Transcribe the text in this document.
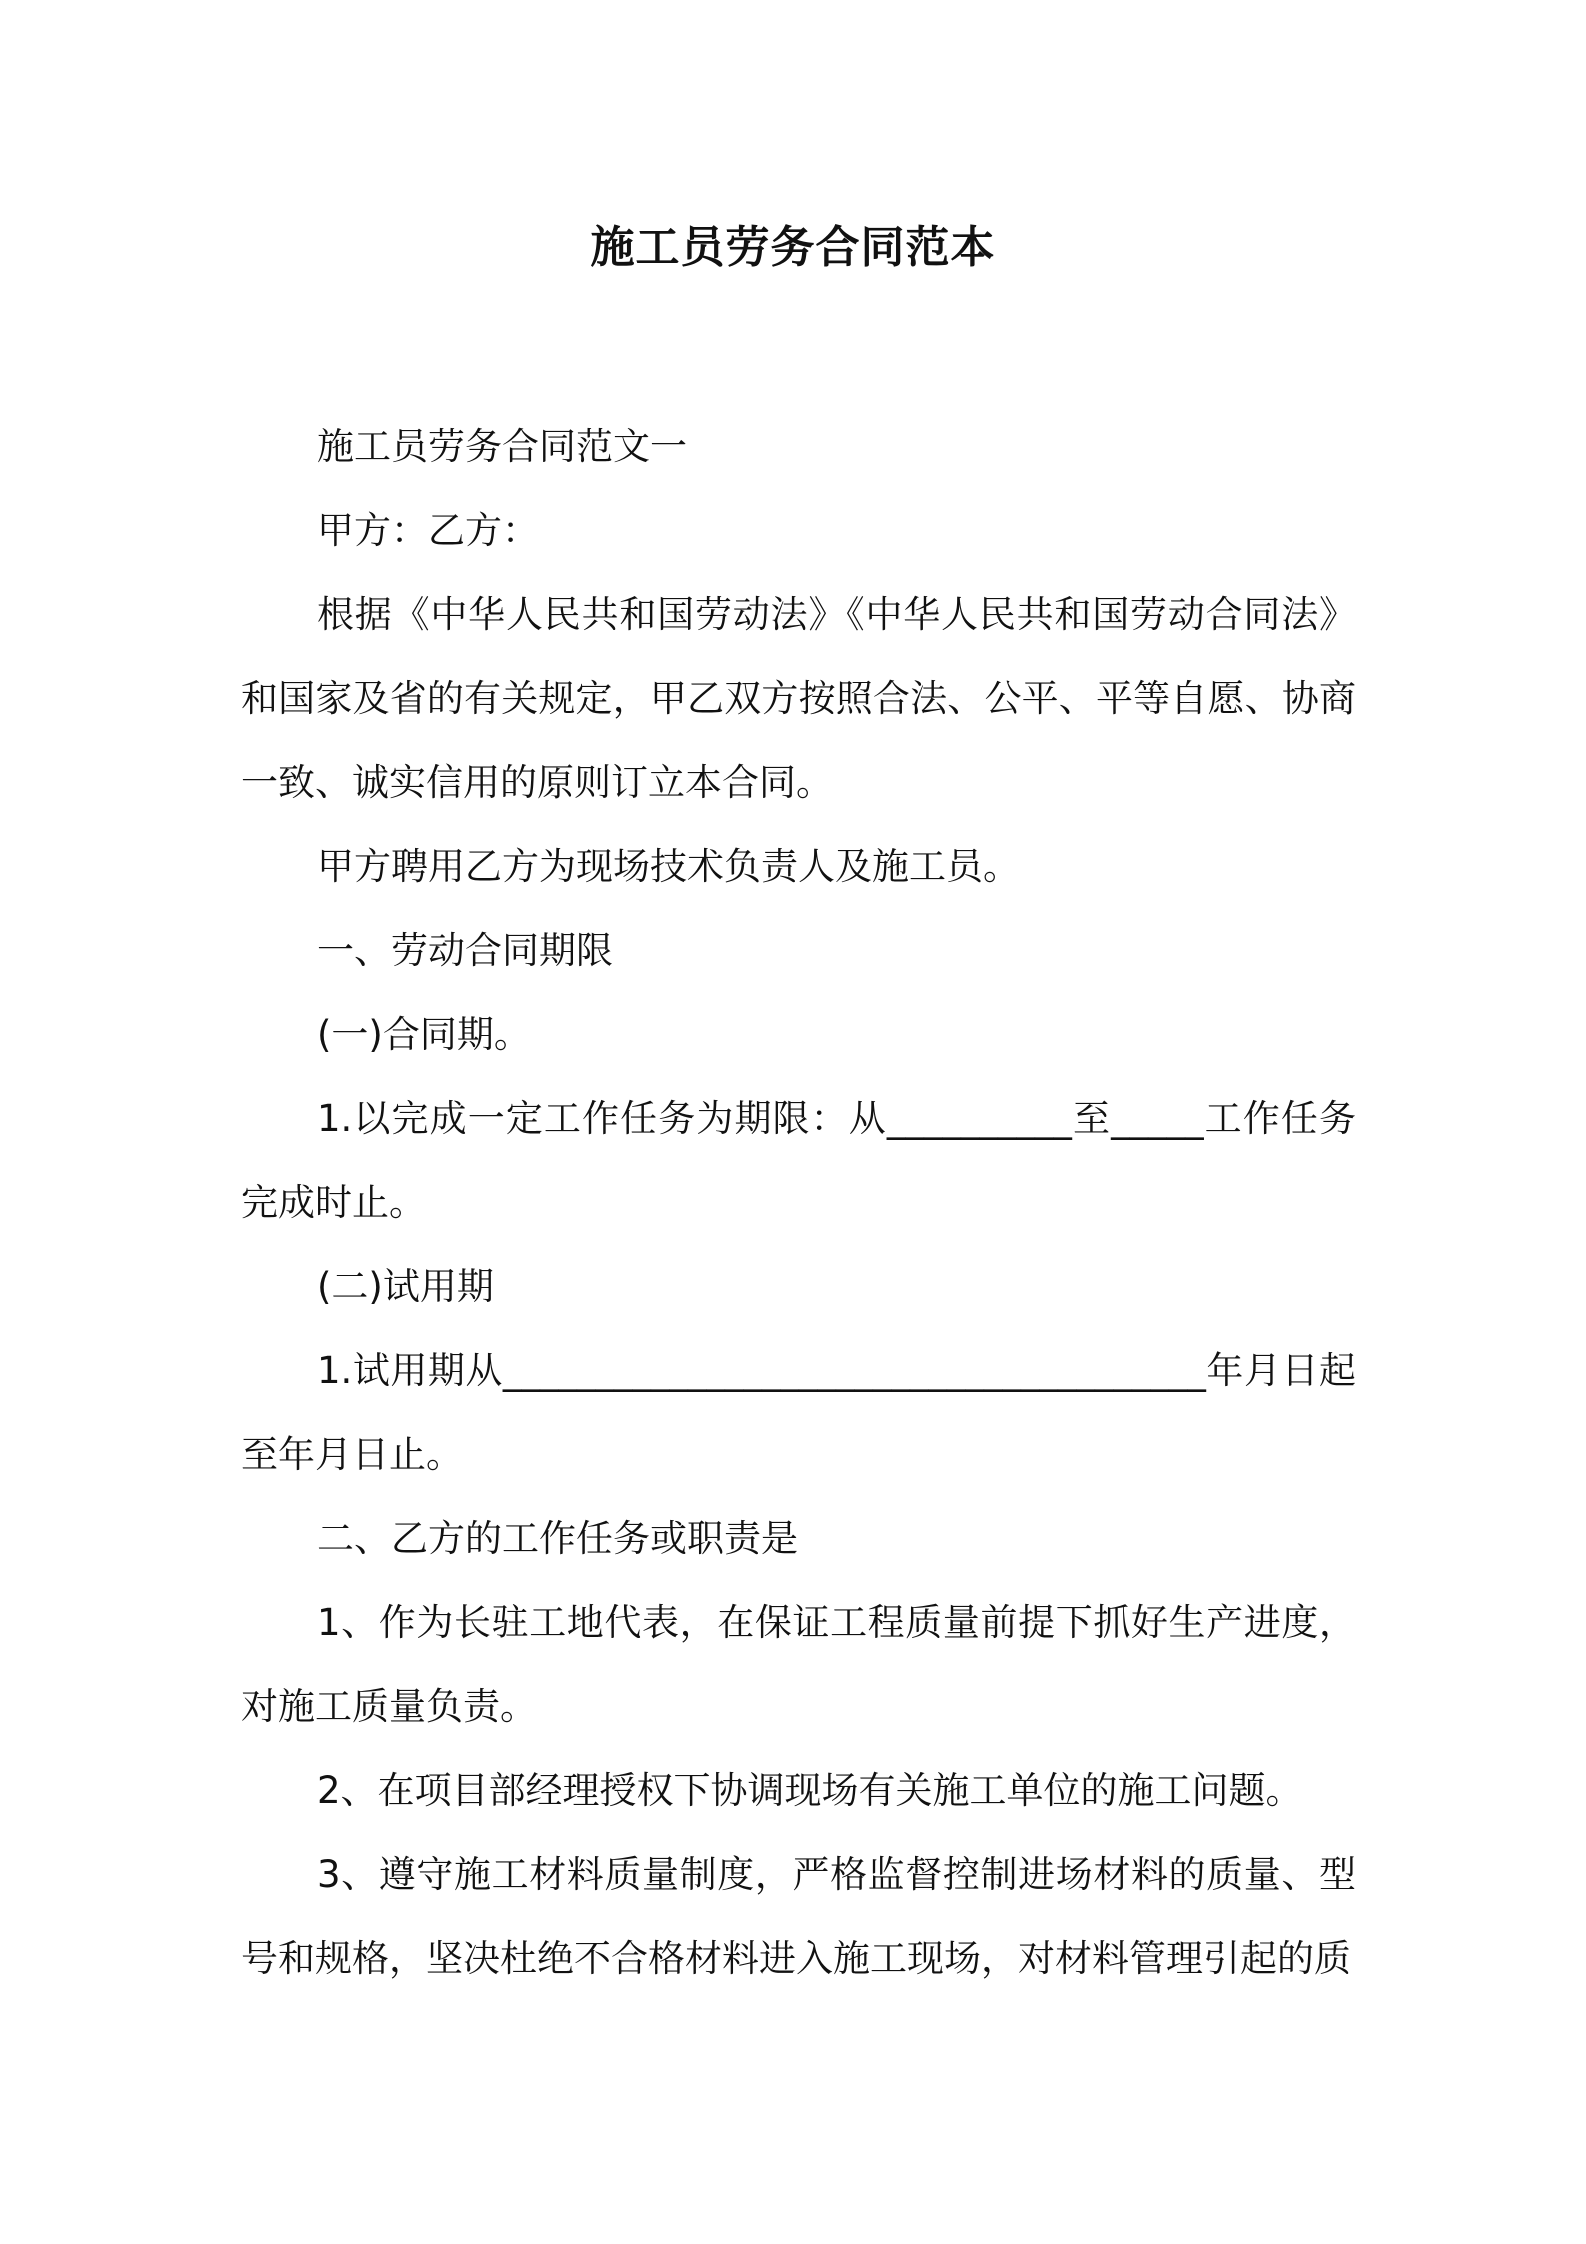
施工员劳务合同范本

施工员劳务合同范文一

甲方：乙方：

根据《中华人民共和国劳动法》《中华人民共和国劳动合同法》和国家及省的有关规定，甲乙双方按照合法、公平、平等自愿、协商一致、诚实信用的原则订立本合同。

甲方聘用乙方为现场技术负责人及施工员。

一、劳动合同期限

(一)合同期。

1.以完成一定工作任务为期限：从__________至_____工作任务完成时止。

(二)试用期

1.试用期从______________________________________年月日起至年月日止。

二、乙方的工作任务或职责是

1、作为长驻工地代表，在保证工程质量前提下抓好生产进度，对施工质量负责。

2、在项目部经理授权下协调现场有关施工单位的施工问题。

3、遵守施工材料质量制度，严格监督控制进场材料的质量、型号和规格，坚决杜绝不合格材料进入施工现场，对材料管理引起的质
